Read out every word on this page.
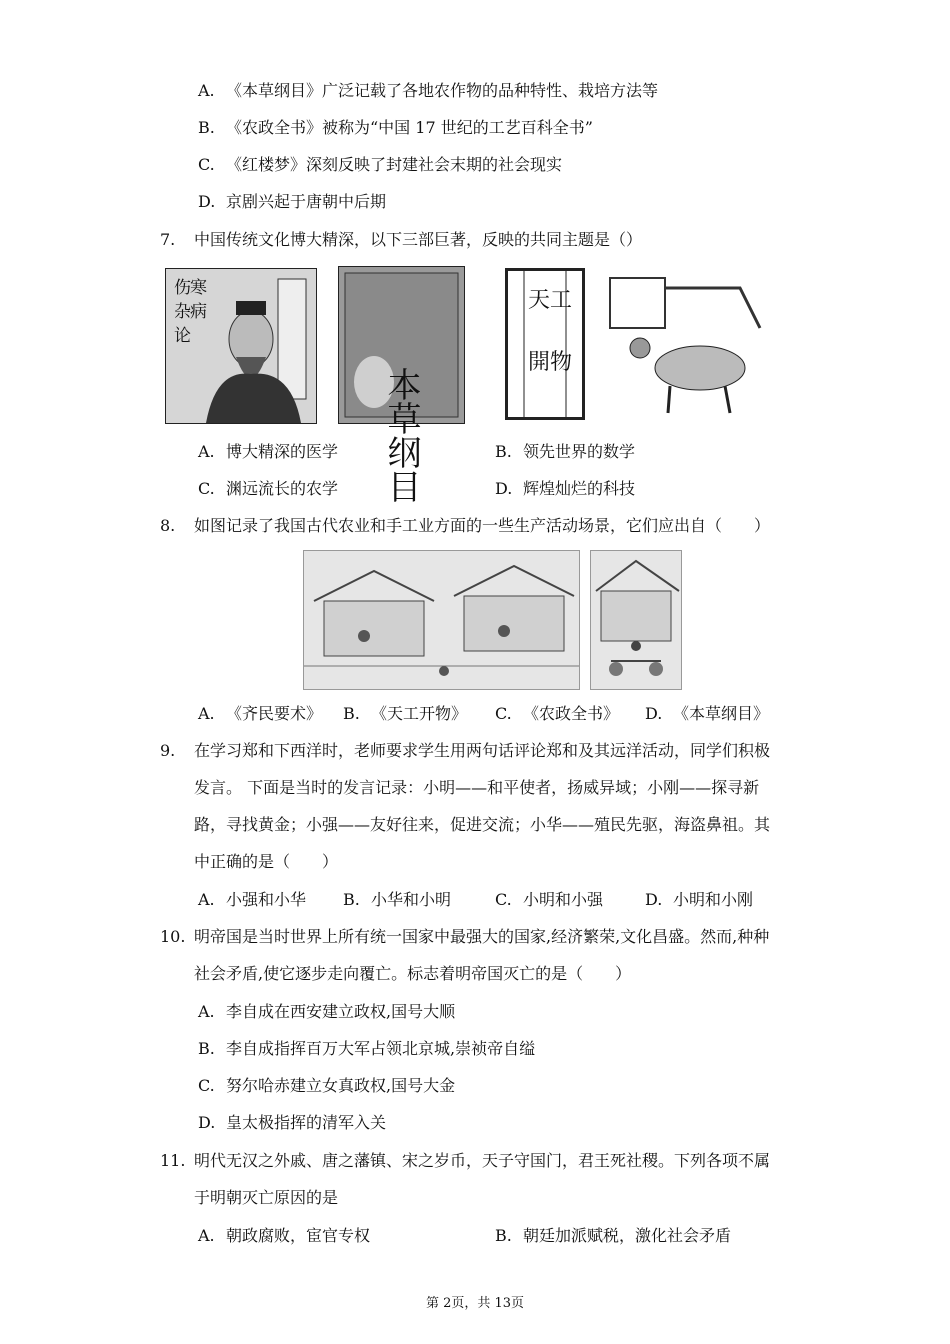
A. 《本草纲目》广泛记载了各地农作物的品种特性、栽培方法等
B. 《农政全书》被称为“中国 17 世纪的工艺百科全书”
C. 《红楼梦》深刻反映了封建社会末期的社会现实
D. 京剧兴起于唐朝中后期
7. 中国传统文化博大精深，以下三部巨著，反映的共同主题是（）
伤 寒
杂 病
论
本草纲目
天工
開物
A. 博大精深的医学	B. 领先世界的数学
C. 渊远流长的农学	D. 辉煌灿烂的科技
8. 如图记录了我国古代农业和手工业方面的一些生产活动场景，它们应出自（　　）
A. 《齐民要术》 B. 《天工开物》 C. 《农政全书》 D. 《本草纲目》
9. 在学习郑和下西洋时，老师要求学生用两句话评论郑和及其远洋活动，同学们积极
发言。 下面是当时的发言记录：小明——和平使者，扬威异域；小刚——探寻新
路，寻找黄金；小强——友好往来，促进交流；小华——殖民先驱，海盗鼻祖。其
中正确的是（　　）
A. 小强和小华 B. 小华和小明	C. 小明和小强	D. 小明和小刚
10. 明帝国是当时世界上所有统一国家中最强大的国家,经济繁荣,文化昌盛。然而,种种
社会矛盾,使它逐步走向覆亡。标志着明帝国灭亡的是（　　）
A. 李自成在西安建立政权,国号大顺
B. 李自成指挥百万大军占领北京城,崇祯帝自缢
C. 努尔哈赤建立女真政权,国号大金
D. 皇太极指挥的清军入关
11. 明代无汉之外戚、唐之藩镇、宋之岁币，天子守国门，君王死社稷。下列各项不属
于明朝灭亡原因的是
A. 朝政腐败，宦官专权	B. 朝廷加派赋税，激化社会矛盾
第 2页，共 13页
